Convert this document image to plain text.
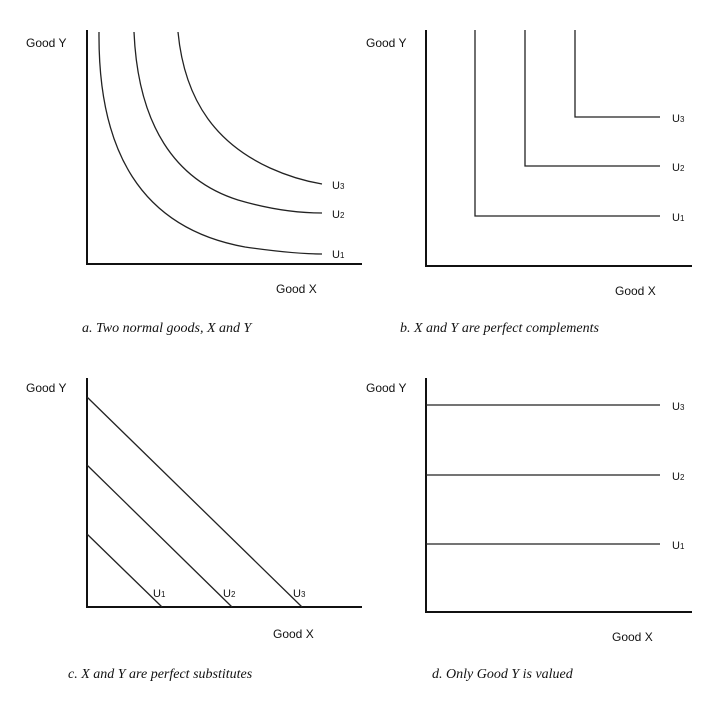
Good Y
U1
U2
U3
Good X
a. Two normal goods, X and Y
Good Y
U1
U2
U3
Good X
b. X and Y are perfect complements
Good Y
U1	U2	U3
Good X
c. X and Y are perfect substitutes
Good Y
U1
U2
U3
Good X
d. Only Good Y is valued
